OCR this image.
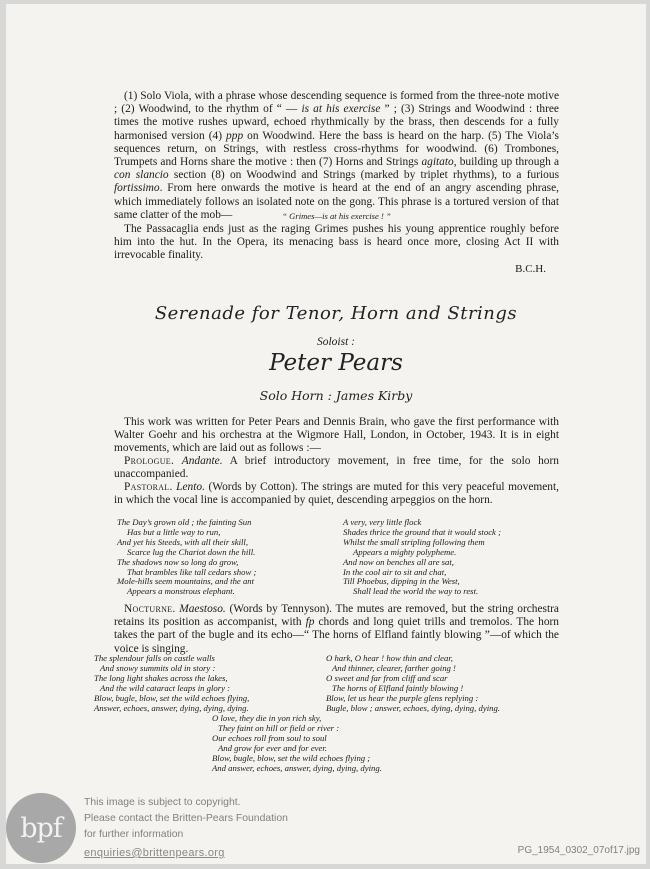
(1) Solo Viola, with a phrase whose descending sequence is formed from the three-note motive ; (2) Woodwind, to the rhythm of “ — is at his exercise ” ; (3) Strings and Woodwind : three times the motive rushes upward, echoed rhythmically by the brass, then descends for a fully harmonised version (4) ppp on Woodwind. Here the bass is heard on the harp. (5) The Viola’s sequences return, on Strings, with restless cross-rhythms for woodwind. (6) Trombones, Trumpets and Horns share the motive : then (7) Horns and Strings agitato, building up through a con slancio section (8) on Woodwind and Strings (marked by triplet rhythms), to a furious fortissimo. From here onwards the motive is heard at the end of an angry ascending phrase, which immediately follows an isolated note on the gong. This phrase is a tortured version of that same clatter of the mob—	“ Grimes—is at his exercise ! ”
The Passacaglia ends just as the raging Grimes pushes his young apprentice roughly before him into the hut. In the Opera, its menacing bass is heard once more, closing Act II with irrevocable finality.
B.C.H.
Serenade for Tenor, Horn and Strings
Soloist :
Peter Pears
Solo Horn : James Kirby
This work was written for Peter Pears and Dennis Brain, who gave the first performance with Walter Goehr and his orchestra at the Wigmore Hall, London, in October, 1943. It is in eight movements, which are laid out as follows :—
Prologue. Andante. A brief introductory movement, in free time, for the solo horn unaccompanied.
Pastoral. Lento. (Words by Cotton). The strings are muted for this very peaceful movement, in which the vocal line is accompanied by quiet, descending arpeggios on the horn.
The Day’s grown old ; the fainting Sun
Has but a little way to run,
And yet his Steeds, with all their skill,
Scarce lug the Chariot down the hill.
The shadows now so long do grow,
That brambles like tall cedars show ;
Mole-hills seem mountains, and the ant
Appears a monstrous elephant.
A very, very little flock
Shades thrice the ground that it would stock ;
Whilst the small stripling following them
Appears a mighty polypheme.
And now on benches all are sat,
In the cool air to sit and chat,
Till Phoebus, dipping in the West,
Shall lead the world the way to rest.
Nocturne. Maestoso. (Words by Tennyson). The mutes are removed, but the string orchestra retains its position as accompanist, with fp chords and long quiet trills and tremolos. The horn takes the part of the bugle and its echo—“ The horns of Elfland faintly blowing ”—of which the voice is singing.
The splendour falls on castle walls
And snowy summits old in story :
The long light shakes across the lakes,
And the wild cataract leaps in glory :
Blow, bugle, blow, set the wild echoes flying,
Answer, echoes, answer, dying, dying, dying.
O hark, O hear ! how thin and clear,
And thinner, clearer, farther going !
O sweet and far from cliff and scar
The horns of Elfland faintly blowing !
Blow, let us hear the purple glens replying :
Bugle, blow ; answer, echoes, dying, dying, dying.
O love, they die in yon rich sky,
They faint on hill or field or river :
Our echoes roll from soul to soul
And grow for ever and for ever.
Blow, bugle, blow, set the wild echoes flying ;
And answer, echoes, answer, dying, dying, dying.
bpf
This image is subject to copyright.
Please contact the Britten-Pears Foundation
for further information
enquiries@brittenpears.org	PG_1954_0302_07of17.jpg
